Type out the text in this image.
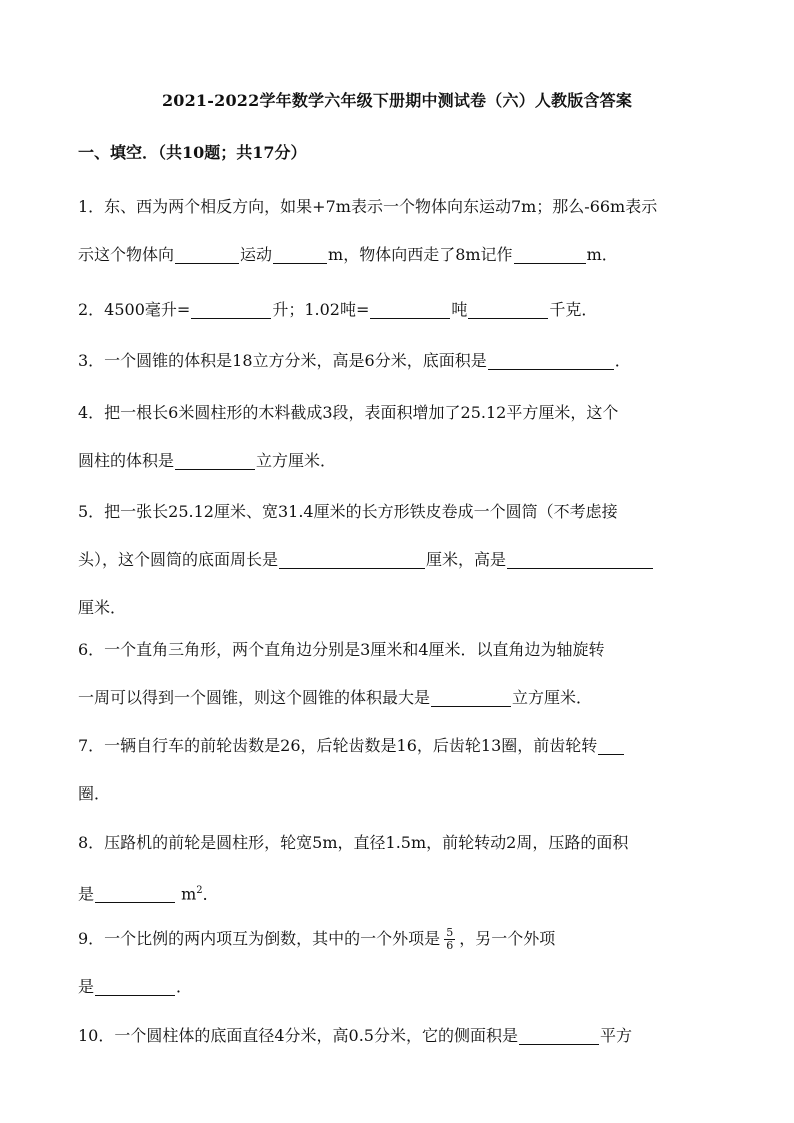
2021-2022学年数学六年级下册期中测试卷（六）人教版含答案
一、填空．（共10题；共17分）

1．东、西为两个相反方向，如果+7m表示一个物体向东运动7m；那么-66m表示

示这个物体向	运动	m，物体向西走了8m记作	m．

2．4500毫升=	升；1.02吨=	吨	千克．

3．一个圆锥的体积是18立方分米，高是6分米，底面积是	．

4．把一根长6米圆柱形的木料截成3段，表面积增加了25.12平方厘米，这个

圆柱的体积是	立方厘米．

5．把一张长25.12厘米、宽31.4厘米的长方形铁皮卷成一个圆筒（不考虑接

头），这个圆筒的底面周长是	厘米，高是

厘米．

6．一个直角三角形，两个直角边分别是3厘米和4厘米．以直角边为轴旋转

一周可以得到一个圆锥，则这个圆锥的体积最大是	立方厘米．

7．一辆自行车的前轮齿数是26，后轮齿数是16，后齿轮13圈，前齿轮转

圈．

8．压路机的前轮是圆柱形，轮宽5m，直径1.5m，前轮转动2周，压路的面积

是	$m^2$．

9．一个比例的两内项互为倒数，其中的一个外项是 $\frac{5}{6}$ ，另一个外项

是	．

10．一个圆柱体的底面直径4分米，高0.5分米，它的侧面积是	平方
